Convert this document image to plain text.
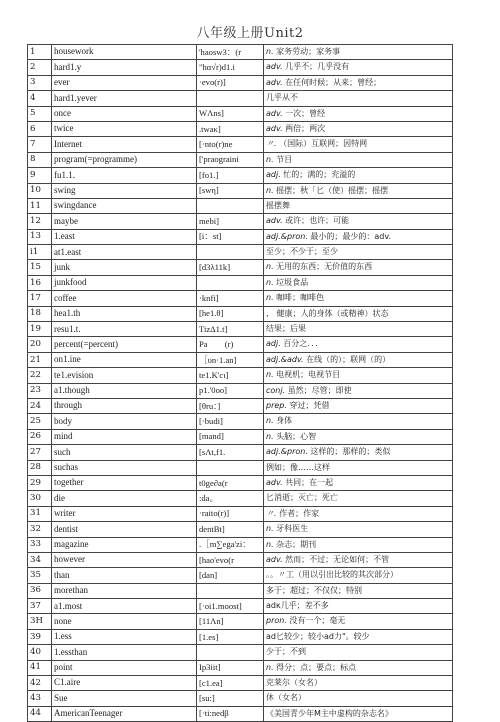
八年级上册Unit2
1	housework	'haosw3：(r	n. 家务劳动；家务事
2	hard1.y	"hɑ√r)d1.i	adv. 几乎不；几乎没有
3	ever	·evo(r)]	adv. 在任何时候；从来；曾经；
4	hard1.yever		几乎从不
5	once	WΛns]	adv. 一次；曾经
6	twice	.twaκ]	adv. 两倍；两次
7	Internet	[·nto(r)ne	〃. （国际）互联网；因特网
8	program(=programme)	['praograini	n. 节目
9	fu1.1.	[fo1.]	adj. 忙的；满的；充溢的
10	swing	[swη]	n. 摇摆；秋「匕（使）摇摆；摇摆
11	swingdance		摇摆舞
12	maybe	mebi]	adv. 或许；也许；可能
13	1.east	[i：st]	adj.&pron. 最小的；最少的：adv.
i1	at1.east		至少；不少于；至少
15	junk	[d3λ11k]	n. 无用的东西；无价值的东西
16	junkfood		n. 垃圾食品
17	coffee	·knfi]	n. 咖啡；咖啡色
18	hea1.th	[he1.θ]	， 健康；人的身体（或精神）状态
19	resu1.t.	TizΔ1.t]	结果；后果
20	percent(=percent)	Pa　　(r)	adj. 百分之．．．
21	on1.ine	［υn·1.an]	adj.&adv. 在线（的）；联网（的）
22	te1.evision	te1.K'cι]	n. 电视机；电视节目
23	a1.though	p1.'0oo]	conj. 虽然；尽管；即使
24	through	[θru：]	prep. 穿过；凭借
25	body	[·budi]	n. 身体
26	mind	[mand]	n. 头脑；心智
27	such	[sΛt,f1.	adj.&pron. 这样的；那样的；类似
28	suchas		例如；像……这样
29	together	t0ge∂a(r	adv. 共同；在一起
30	die	:da。	匕消逝；灭亡；死亡
31	writer	·raito(r)]	〃. 作者；作家
32	dentist	dentBt]	n. 牙科医生
33	magazine	.［m∑ega'zi：	n. 杂志；期刊
34	however	[hao'evo(r	adv. 然而；不过；无论如何；不管
35	than	[dan]	。。〃工（用以引出比较的其次部分）
36	morethan		多于；超过；不仅仅；特别
37	a1.most	[·oi1.moost]	adκ几乎；差不多
3H	none	[11Λn]	pron. 没有一个；毫无
39	1.ess	[1.es]	ad匕较少；较小ad力"。较少
40	1.essthan		少于；不到
41	point	Ip3iit]	n. 得分；点；要点；标点
42	C1.aire	[c1.ea]	克莱尔（女名）
43	Sue	[su:]	休（女名）
44	AmericanTeenager	[·ti:nedβ	《美国青少年M主中虚构的杂志名》
